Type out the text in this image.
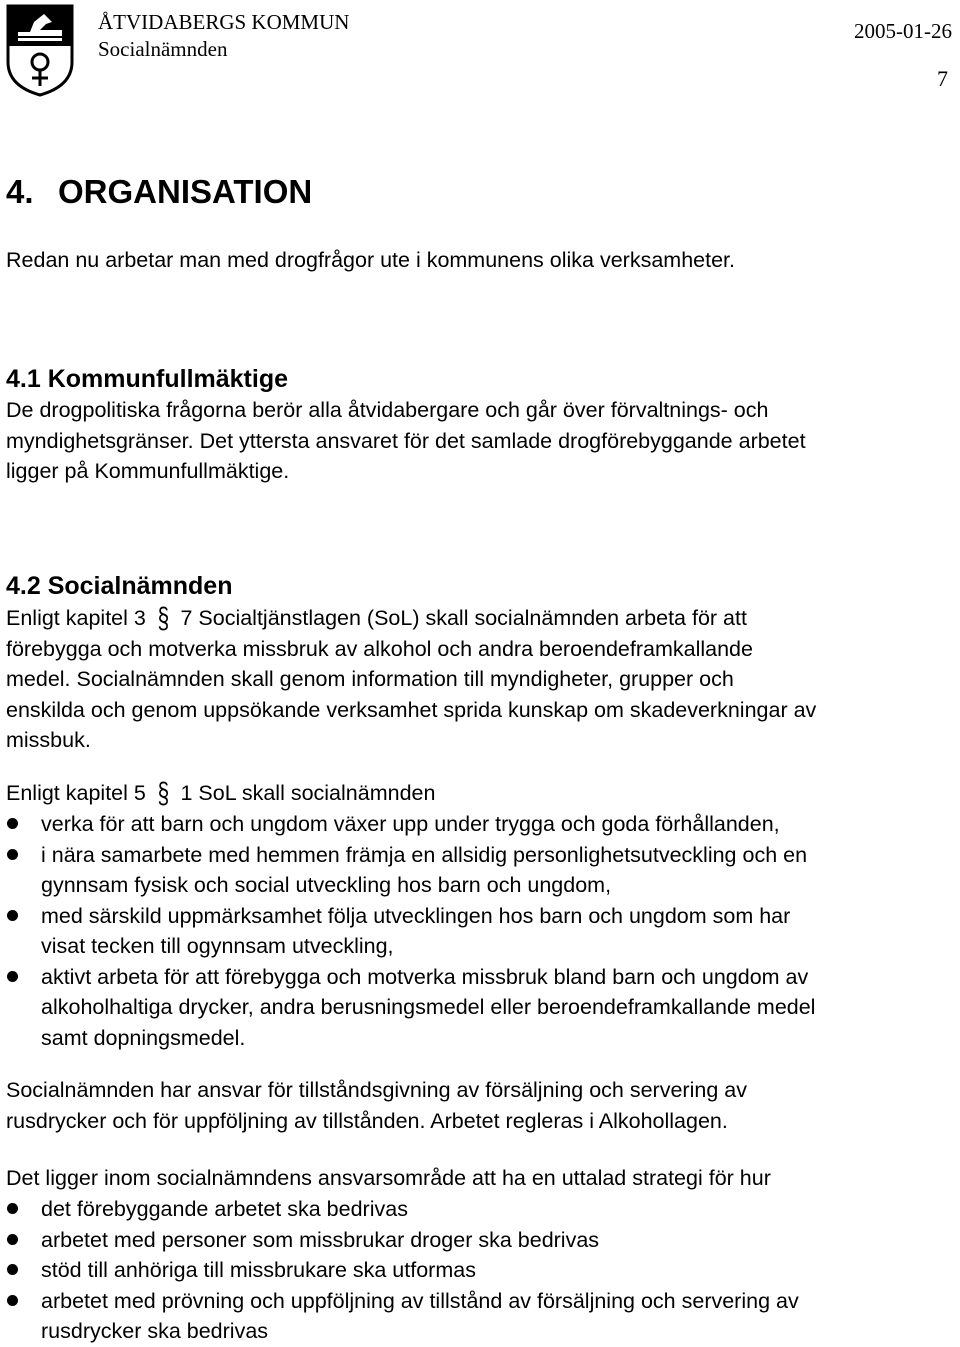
ÅTVIDABERGS KOMMUN
Socialnämnden
2005-01-26
7
4. ORGANISATION
Redan nu arbetar man med drogfrågor ute i kommunens olika verksamheter.
4.1 Kommunfullmäktige
De drogpolitiska frågorna berör alla åtvidabergare och går över förvaltnings- och
myndighetsgränser. Det yttersta ansvaret för det samlade drogförebyggande arbetet
ligger på Kommunfullmäktige.
4.2 Socialnämnden
Enligt kapitel 3 § 7 Socialtjänstlagen (SoL) skall socialnämnden arbeta för att
förebygga och motverka missbruk av alkohol och andra beroendeframkallande
medel. Socialnämnden skall genom information till myndigheter, grupper och
enskilda och genom uppsökande verksamhet sprida kunskap om skadeverkningar av
missbuk.
Enligt kapitel 5 § 1 SoL skall socialnämnden
verka för att barn och ungdom växer upp under trygga och goda förhållanden,
i nära samarbete med hemmen främja en allsidig personlighetsutveckling och en
gynnsam fysisk och social utveckling hos barn och ungdom,
med särskild uppmärksamhet följa utvecklingen hos barn och ungdom som har
visat tecken till ogynnsam utveckling,
aktivt arbeta för att förebygga och motverka missbruk bland barn och ungdom av
alkoholhaltiga drycker, andra berusningsmedel eller beroendeframkallande medel
samt dopningsmedel.
Socialnämnden har ansvar för tillståndsgivning av försäljning och servering av
rusdrycker och för uppföljning av tillstånden. Arbetet regleras i Alkohollagen.
Det ligger inom socialnämndens ansvarsområde att ha en uttalad strategi för hur
det förebyggande arbetet ska bedrivas
arbetet med personer som missbrukar droger ska bedrivas
stöd till anhöriga till missbrukare ska utformas
arbetet med prövning och uppföljning av tillstånd av försäljning och servering av
rusdrycker ska bedrivas
